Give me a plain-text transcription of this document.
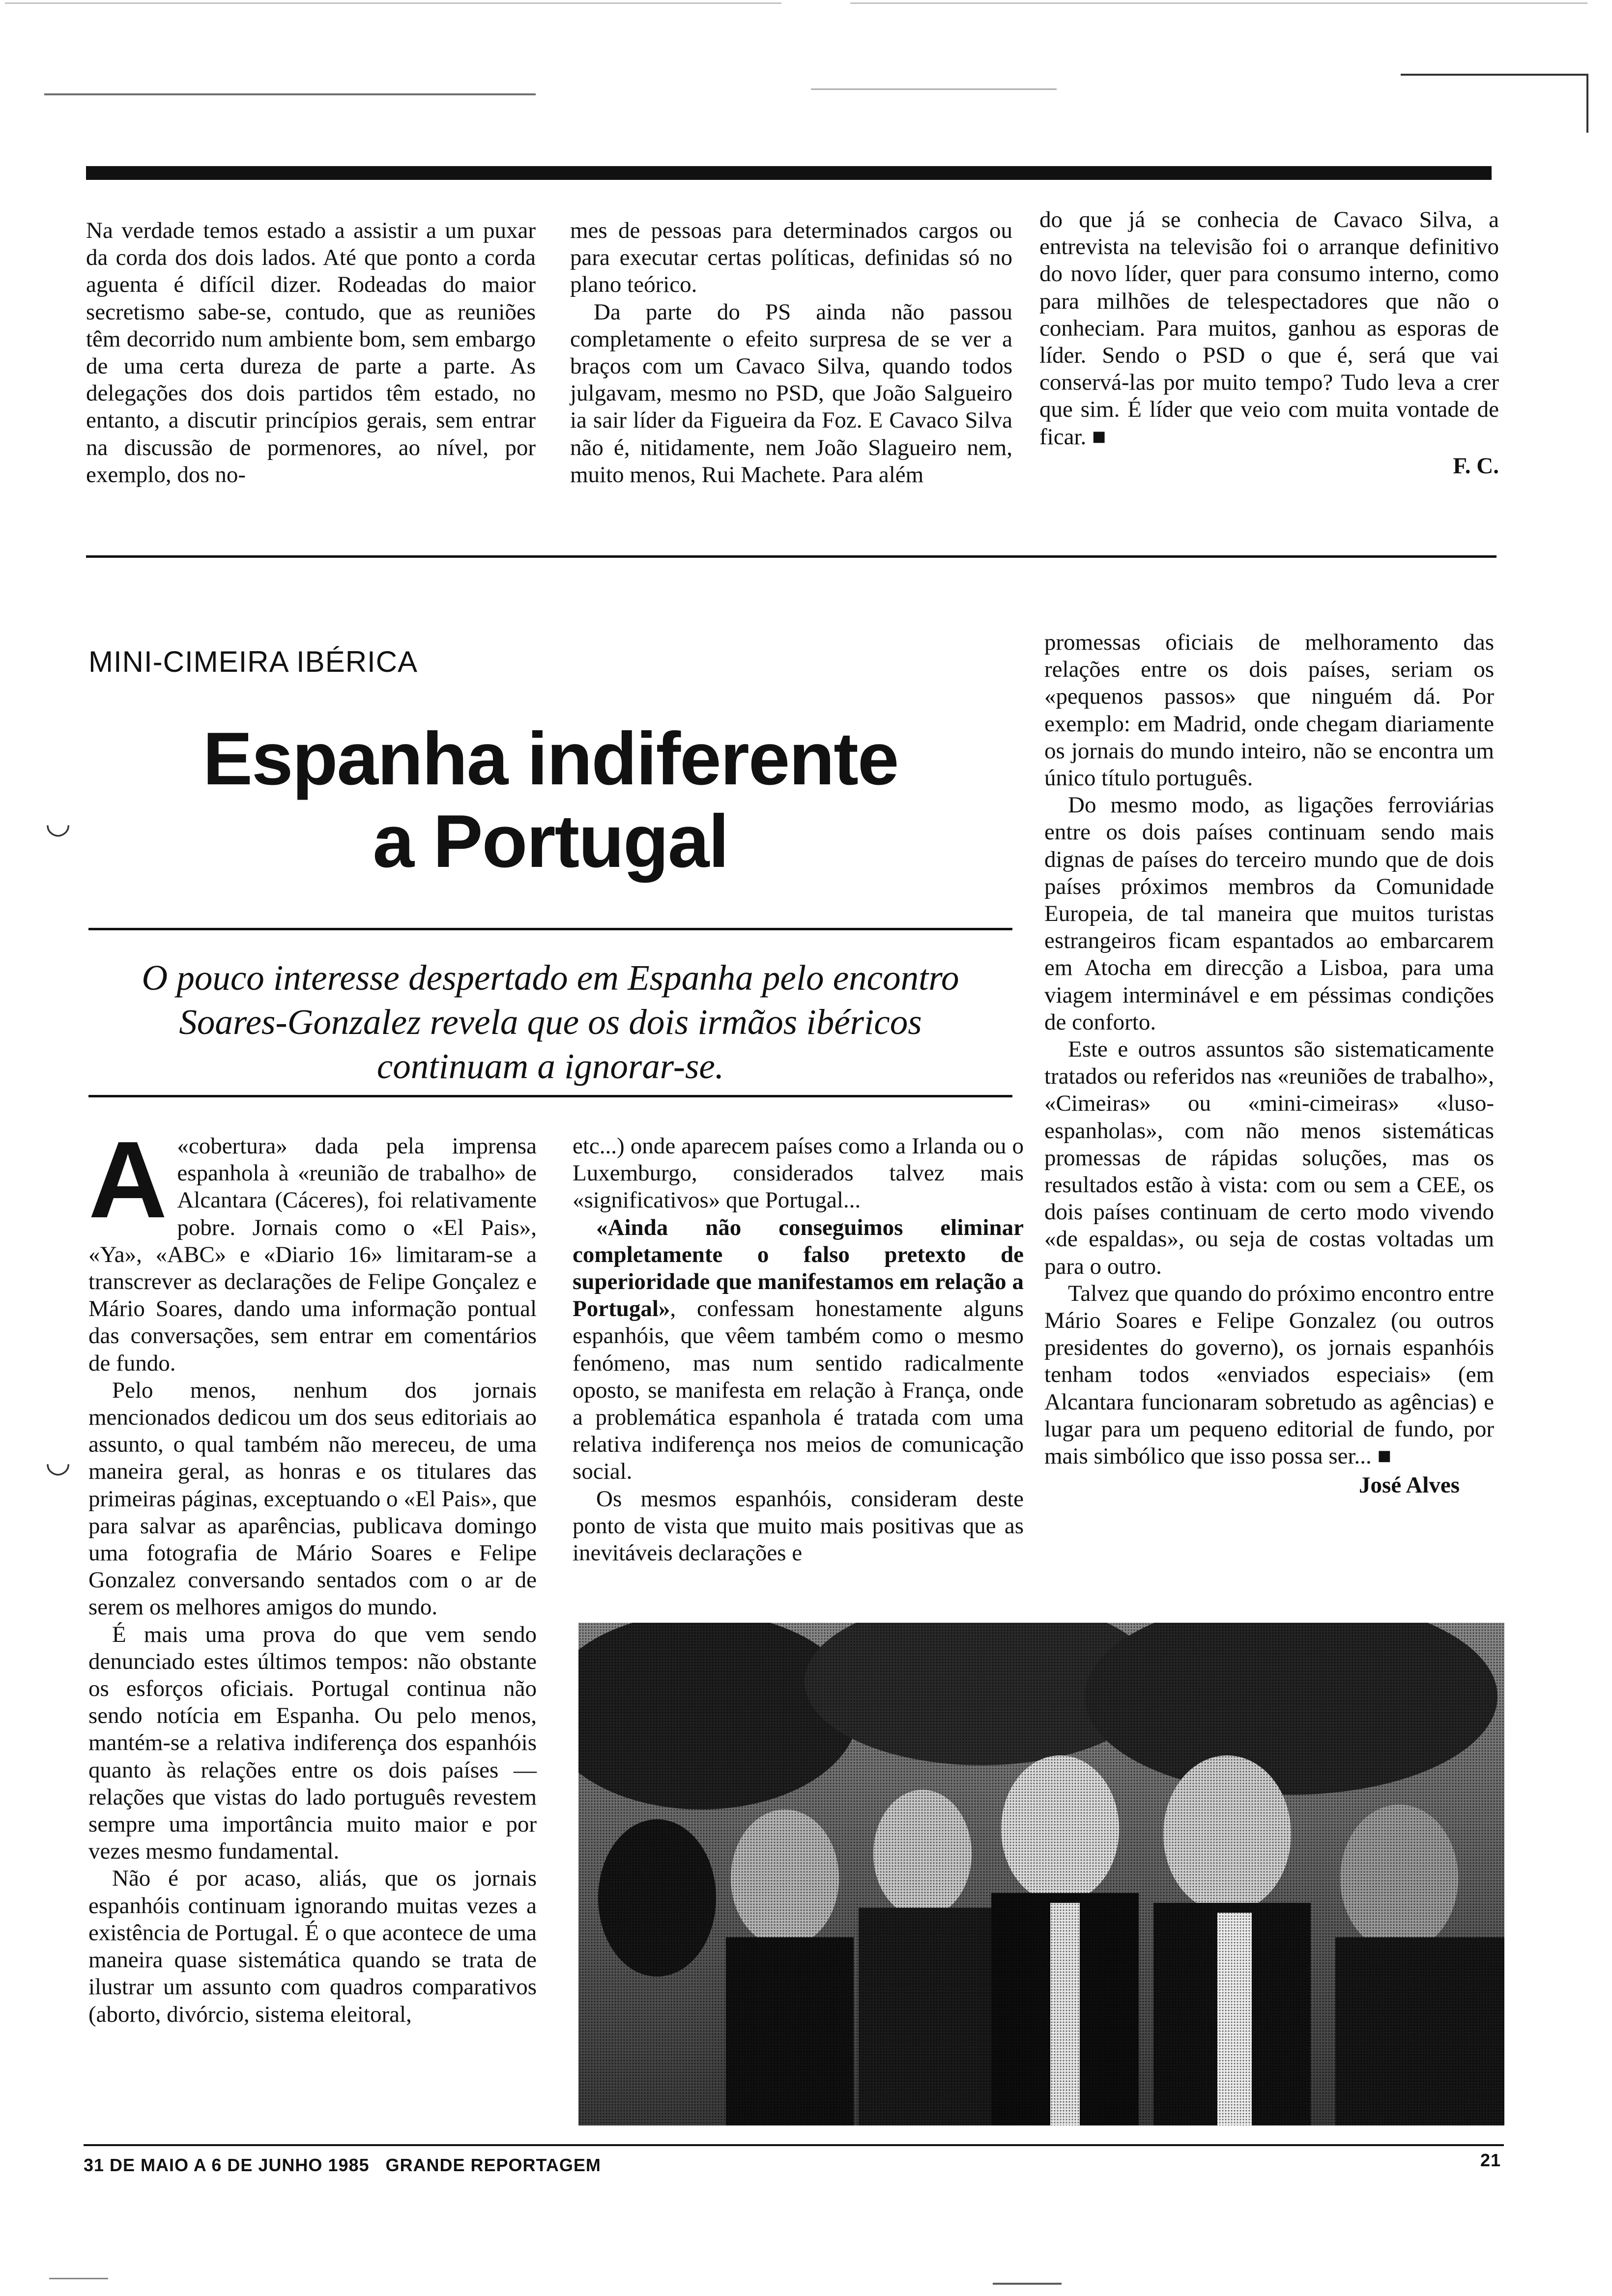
◡
◡

Na verdade temos estado a assistir a um puxar da corda dos dois lados. Até que ponto a corda aguenta é difícil dizer. Rodeadas do maior secretismo sabe-se, contudo, que as reuniões têm decorrido num ambiente bom, sem embargo de uma certa dureza de parte a parte. As delegações dos dois partidos têm estado, no entanto, a discutir princípios gerais, sem entrar na discussão de pormenores, ao nível, por exemplo, dos no-

mes de pessoas para determinados cargos ou para executar certas políticas, definidas só no plano teórico.

Da parte do PS ainda não passou completamente o efeito surpresa de se ver a braços com um Cavaco Silva, quando todos julgavam, mesmo no PSD, que João Salgueiro ia sair líder da Figueira da Foz. E Cavaco Silva não é, nitidamente, nem João Slagueiro nem, muito menos, Rui Machete. Para além

do que já se conhecia de Cavaco Silva, a entrevista na televisão foi o arranque definitivo do novo líder, quer para consumo interno, como para milhões de telespectadores que não o conheciam. Para muitos, ganhou as esporas de líder. Sendo o PSD o que é, será que vai conservá-las por muito tempo? Tudo leva a crer que sim. É líder que veio com muita vontade de ficar. ■

F. C.

MINI-CIMEIRA IBÉRICA
Espanha indiferente
a Portugal
O pouco interesse despertado em Espanha pelo encontro
Soares-Gonzalez revela que os dois irmãos ibéricos
continuam a ignorar-se.

A «cobertura» dada pela imprensa espanhola à «reunião de trabalho» de Alcantara (Cáceres), foi relativamente pobre. Jornais como o «El Pais», «Ya», «ABC» e «Diario 16» limitaram-se a transcrever as declarações de Felipe Gonçalez e Mário Soares, dando uma informação pontual das conversações, sem entrar em comentários de fundo.

Pelo menos, nenhum dos jornais mencionados dedicou um dos seus editoriais ao assunto, o qual também não mereceu, de uma maneira geral, as honras e os titulares das primeiras páginas, exceptuando o «El Pais», que para salvar as aparências, publicava domingo uma fotografia de Mário Soares e Felipe Gonzalez conversando sentados com o ar de serem os melhores amigos do mundo.

É mais uma prova do que vem sendo denunciado estes últimos tempos: não obstante os esforços oficiais. Portugal continua não sendo notícia em Espanha. Ou pelo menos, mantém-se a relativa indiferença dos espanhóis quanto às relações entre os dois países — relações que vistas do lado português revestem sempre uma importância muito maior e por vezes mesmo fundamental.

Não é por acaso, aliás, que os jornais espanhóis continuam ignorando muitas vezes a existência de Portugal. É o que acontece de uma maneira quase sistemática quando se trata de ilustrar um assunto com quadros comparativos (aborto, divórcio, sistema eleitoral,

etc...) onde aparecem países como a Irlanda ou o Luxemburgo, considerados talvez mais «significativos» que Portugal...

«Ainda não conseguimos eliminar completamente o falso pretexto de superioridade que manifestamos em relação a Portugal», confessam honestamente alguns espanhóis, que vêem também como o mesmo fenómeno, mas num sentido radicalmente oposto, se manifesta em relação à França, onde a problemática espanhola é tratada com uma relativa indiferença nos meios de comunicação social.

Os mesmos espanhóis, consideram deste ponto de vista que muito mais positivas que as inevitáveis declarações e

promessas oficiais de melhoramento das relações entre os dois países, seriam os «pequenos passos» que ninguém dá. Por exemplo: em Madrid, onde chegam diariamente os jornais do mundo inteiro, não se encontra um único título português.

Do mesmo modo, as ligações ferroviárias entre os dois países continuam sendo mais dignas de países do terceiro mundo que de dois países próximos membros da Comunidade Europeia, de tal maneira que muitos turistas estrangeiros ficam espantados ao embarcarem em Atocha em direcção a Lisboa, para uma viagem interminável e em péssimas condições de conforto.

Este e outros assuntos são sistematicamente tratados ou referidos nas «reuniões de trabalho», «Cimeiras» ou «mini-cimeiras» «luso-espanholas», com não menos sistemáticas promessas de rápidas soluções, mas os resultados estão à vista: com ou sem a CEE, os dois países continuam de certo modo vivendo «de espaldas», ou seja de costas voltadas um para o outro.

Talvez que quando do próximo encontro entre Mário Soares e Felipe Gonzalez (ou outros presidentes do governo), os jornais espanhóis tenham todos «enviados especiais» (em Alcantara funcionaram sobretudo as agências) e lugar para um pequeno editorial de fundo, por mais simbólico que isso possa ser... ■

José Alves

31 DE MAIO A 6 DE JUNHO 1985   GRANDE REPORTAGEM	21
